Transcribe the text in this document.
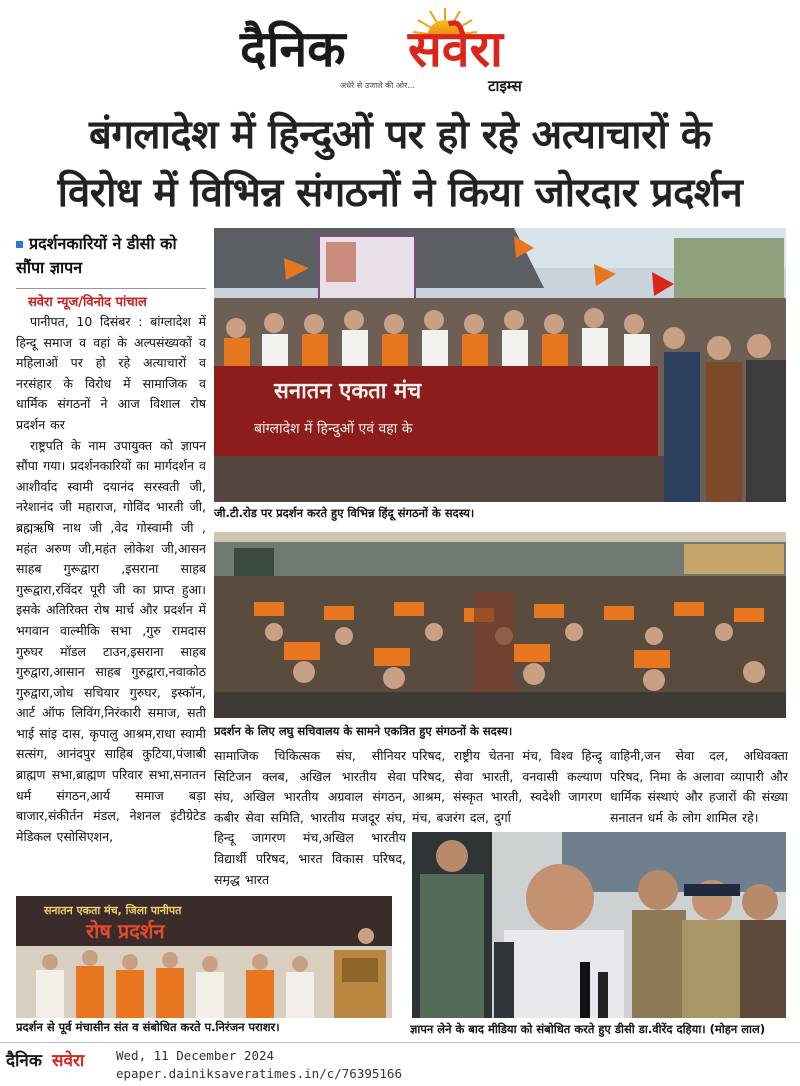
दैनिक सवेरा
अंधेरे से उजाले की ओर...	टाइम्स
बंगलादेश में हिन्दुओं पर हो रहे अत्याचारों के
विरोध में विभिन्न संगठनों ने किया जोरदार प्रदर्शन
प्रदर्शनकारियों ने डीसी को सौंपा ज्ञापन
सवेरा न्यूज/विनोद पांचाल

पानीपत, 10 दिसंबर : बांग्लादेश में हिन्दू समाज व वहां के अल्पसंख्यकों व महिलाओं पर हो रहे अत्याचारों व नरसंहार के विरोध में सामाजिक व धार्मिक संगठनों ने आज विशाल रोष प्रदर्शन कर

राष्ट्रपति के नाम उपायुक्त को ज्ञापन सौंपा गया। प्रदर्शनकारियों का मार्गदर्शन व आशीर्वाद स्वामी दयानंद सरस्वती जी, नरेशानंद जी महाराज, गोविंद भारती जी, ब्रह्मऋषि नाथ जी ,वेद गोस्वामी जी , महंत अरुण जी,महंत लोकेश जी,आसन साहब गुरूद्वारा ,इसराना साहब गुरूद्वारा,रविंदर पूरी जी का प्राप्त हुआ। इसके अतिरिक्त रोष मार्च और प्रदर्शन में भगवान वाल्मीकि सभा ,गुरु रामदास गुरुघर मॉडल टाउन,इसराना साहब गुरुद्वारा,आसान साहब गुरुद्वारा,नवाकोठ गुरुद्वारा,जोध सचियार गुरुघर, इस्कॉन, आर्ट ऑफ लिविंग,निरंकारी समाज, सती भाई सांइ दास, कृपालु आश्रम,राधा स्वामी सत्संग, आनंदपुर साहिब कुटिया,पंजाबी ब्राह्मण सभा,ब्राह्मण परिवार सभा,सनातन धर्म संगठन,आर्य समाज बड़ा बाजार,संकीर्तन मंडल, नेशनल इंटीग्रेटेड मेडिकल एसोसिएशन,

सनातन एकता मंच
बांग्लादेश में हिन्दुओं एवं वहा के
जी.टी.रोड पर प्रदर्शन करते हुए विभिन्न हिंदू संगठनों के सदस्य।
प्रदर्शन के लिए लघु सचिवालय के सामने एकत्रित हुए संगठनों के सदस्य।
सामाजिक चिकित्सक संघ, सीनियर सिटिजन क्लब, अखिल भारतीय सेवा संघ, अखिल भारतीय अग्रवाल संगठन, कबीर सेवा समिति, भारतीय मजदूर संघ, हिन्दू जागरण मंच,अखिल भारतीय विद्यार्थी परिषद, भारत विकास परिषद, समृद्ध भारत
परिषद, राष्ट्रीय चेतना मंच, विश्व हिन्दू परिषद, सेवा भारती, वनवासी कल्याण आश्रम, संस्कृत भारती, स्वदेशी जागरण मंच, बजरंग दल, दुर्गा
वाहिनी,जन सेवा दल, अधिवक्ता परिषद, निमा के अलावा व्यापारी और धार्मिक संस्थाएं और हजारों की संख्या सनातन धर्म के लोग शामिल रहे।
सनातन एकता मंच, जिला पानीपत
रोष प्रदर्शन
प्रदर्शन से पूर्व मंचासीन संत व संबोधित करते प.निरंजन पराशर।	ज्ञापन लेने के बाद मीडिया को संबोधित करते हुए डीसी डा.वीरेंद दहिया। (मोहन लाल)
दैनिक सवेरा	Wed, 11 December 2024
epaper.dainiksaveratimes.in/c/76395166
